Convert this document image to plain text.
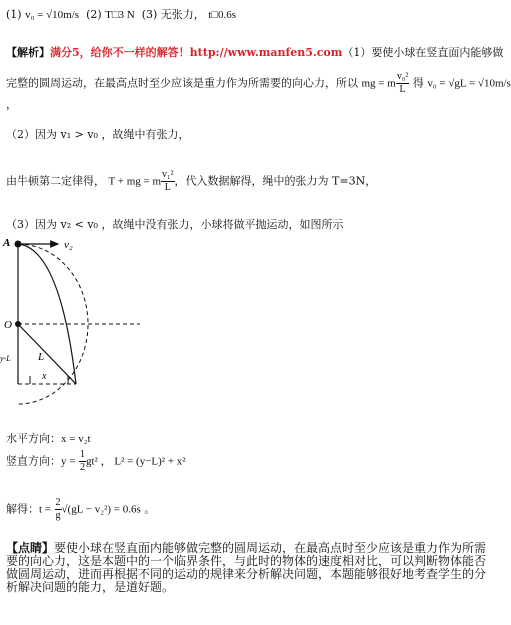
(1) v₀ = √10m/s (2) T□3 N (3) 无张力， t□0.6s
【解析】满分5，给你不一样的解答！http://www.manfen5.com（1）要使小球在竖直面内能够做
完整的圆周运动，在最高点时至少应该是重力作为所需要的向心力，所以 mg = m $\frac{\text{v₀²}}{L}$ 得 v₀ = √gL = √10m/s
，
（2）因为 v₁ > v₀ ，故绳中有张力，
由牛顿第二定律得， T + mg = m $\frac{\text{v₁²}}{L}$ ，代入数据解得，绳中的张力为 T=3N，
（3）因为 v₂ < v₀ ，故绳中没有张力，小球将做平抛运动，如图所示
A	v₂
O
y-L L
x
水平方向：x = v₂t
竖直方向：$y = \frac{1}{2} gt^2$ ， L² = (y−L)² + x²
解得：$t = \frac{2}{g} √(gL - v_2^2) = 0.6s$ 。
【点睛】要使小球在竖直面内能够做完整的圆周运动，在最高点时至少应该是重力作为所需要的向心力，这是本题中的一个临界条件，与此时的物体的速度相对比，可以判断物体能否做圆周运动，进而再根据不同的运动的规律来分析解决问题，本题能够很好地考查学生的分析解决问题的能力，是道好题。
